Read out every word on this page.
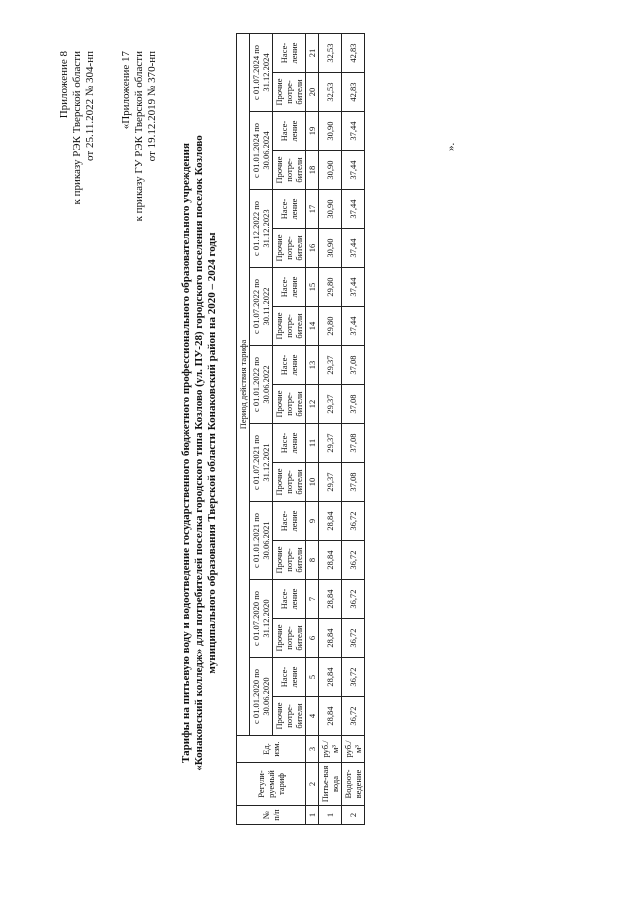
Приложение 8 к приказу РЭК Тверской области от 25.11.2022 № 304-нп «Приложение 17 к приказу ГУ РЭК Тверской области от 19.12.2019 № 370-нп
Тарифы на питьевую воду и водоотведение государственного бюджетного профессионального образовательного учреждения «Конаковский колледж» для потребителей поселка городского типа Козлово (ул. ПУ-28) городского поселения поселок Козлово муниципального образования Тверской области Конаковский район на 2020 – 2024 годы
№ п/п	Регули-руемый тариф	Ед. изм.	Период действия тарифа																	
			с 01.01.2020 по 30.06.2020		с 01.07.2020 по 31.12.2020		с 01.01.2021 по 30.06.2021		с 01.07.2021 по 31.12.2021		с 01.01.2022 по 30.06.2022		с 01.07.2022 по 30.11.2022		с 01.12.2022 по 31.12.2023		с 01.01.2024 по 30.06.2024		с 01.07.2024 по 31.12.2024	
			Прочие потре-бители	Насе-ление	Прочие потре-бители	Насе-ление	Прочие потре-бители	Насе-ление	Прочие потре-бители	Насе-ление	Прочие потре-бители	Насе-ление	Прочие потре-бители	Насе-ление	Прочие потре-бители	Насе-ление	Прочие потре-бители	Насе-ление	Прочие потре-бители	Насе-ление
1	2	3	4	5	6	7	8	9	10	11	12	13	14	15	16	17	18	19	20	21
1	Питье-вая вода	руб./м³	28,84	28,84	28,84	28,84	28,84	28,84	29,37	29,37	29,37	29,37	29,80	29,80	30,90	30,90	30,90	30,90	32,53	32,53
2	Водоот-ведение	руб./м³	36,72	36,72	36,72	36,72	36,72	36,72	37,08	37,08	37,08	37,08	37,44	37,44	37,44	37,44	37,44	37,44	42,83	42,83
».
